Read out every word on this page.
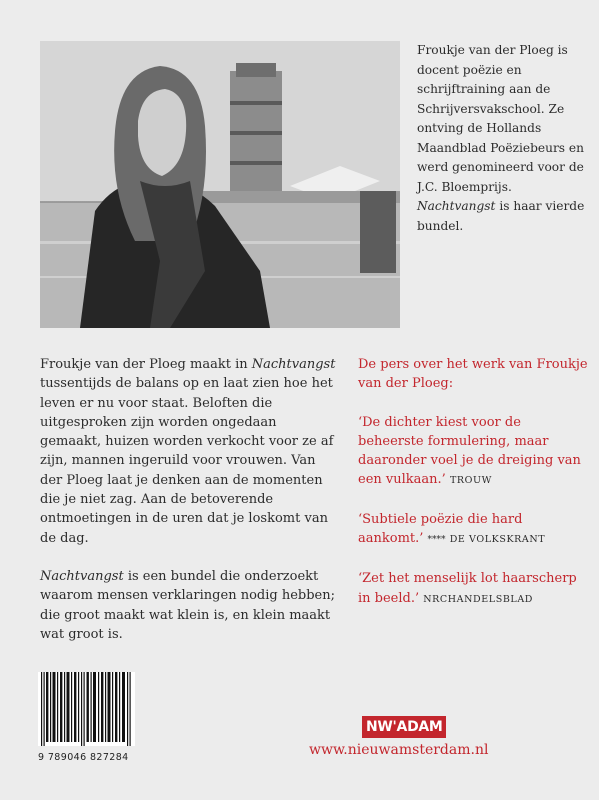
Froukje van der Ploeg is docent poëzie en schrijftraining aan de Schrijversvakschool. Ze ontving de Hollands Maandblad Poëziebeurs en werd genomineerd voor de J.C. Bloemprijs. Nachtvangst is haar vierde bundel.

Froukje van der Ploeg maakt in Nachtvangst tussentijds de balans op en laat zien hoe het leven er nu voor staat. Beloften die uitgesproken zijn worden ongedaan gemaakt, huizen worden verkocht voor ze af zijn, mannen ingeruild voor vrouwen. Van der Ploeg laat je denken aan de momenten die je niet zag. Aan de betoverende ontmoetingen in de uren dat je loskomt van de dag.

Nachtvangst is een bundel die onderzoekt waarom mensen verklaringen nodig hebben; die groot maakt wat klein is, en klein maakt wat groot is.

De pers over het werk van Froukje van der Ploeg:

‘De dichter kiest voor de beheerste formulering, maar daaronder voel je de dreiging van een vulkaan.’ TROUW

‘Subtiele poëzie die hard aankomt.’ **** DE VOLKSKRANT

‘Zet het menselijk lot haarscherp in beeld.’ NRCHANDELSBLAD

9 789046 827284
NW'ADAM
www.nieuwamsterdam.nl
